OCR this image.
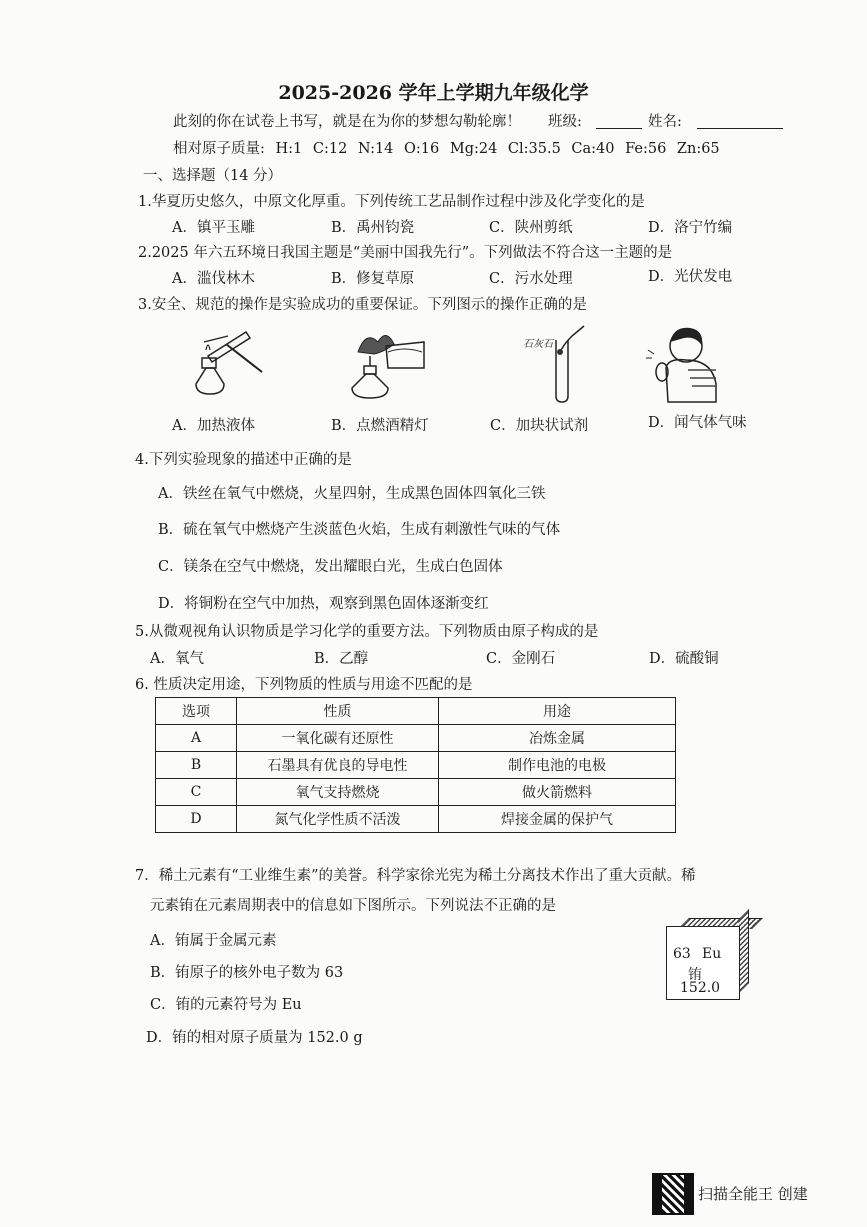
2025-2026 学年上学期九年级化学
此刻的你在试卷上书写，就是在为你的梦想勾勒轮廓！ 班级:	姓名:
相对原子质量: H:1 C:12 N:14 O:16 Mg:24 Cl:35.5 Ca:40 Fe:56 Zn:65
一、选择题（14 分）
1.华夏历史悠久，中原文化厚重。下列传统工艺品制作过程中涉及化学变化的是
A．镇平玉雕	B．禹州钧瓷	C．陕州剪纸	D．洛宁竹编
2.2025 年六五环境日我国主题是“美丽中国我先行”。下列做法不符合这一主题的是
A．滥伐林木	B．修复草原	C．污水处理	D．光伏发电
3.安全、规范的操作是实验成功的重要保证。下列图示的操作正确的是
石灰石
A．加热液体	B．点燃酒精灯	C．加块状试剂	D．闻气体气味
4.下列实验现象的描述中正确的是
A．铁丝在氧气中燃烧，火星四射，生成黑色固体四氧化三铁
B．硫在氧气中燃烧产生淡蓝色火焰，生成有刺激性气味的气体
C．镁条在空气中燃烧，发出耀眼白光，生成白色固体
D．将铜粉在空气中加热，观察到黑色固体逐渐变红
5.从微观视角认识物质是学习化学的重要方法。下列物质由原子构成的是
A．氧气	B．乙醇	C．金刚石	D．硫酸铜
6. 性质决定用途，下列物质的性质与用途不匹配的是
选项	性质	用途
A	一氧化碳有还原性	冶炼金属
B	石墨具有优良的导电性	制作电池的电极
C	氧气支持燃烧	做火箭燃料
D	氮气化学性质不活泼	焊接金属的保护气
7．稀土元素有“工业维生素”的美誉。科学家徐光宪为稀土分离技术作出了重大贡献。稀
元素铕在元素周期表中的信息如下图所示。下列说法不正确的是
A．铕属于金属元素
B．铕原子的核外电子数为 63
C．铕的元素符号为 Eu
D．铕的相对原子质量为 152.0 g
63 Eu
铕
152.0
扫描全能王 创建
